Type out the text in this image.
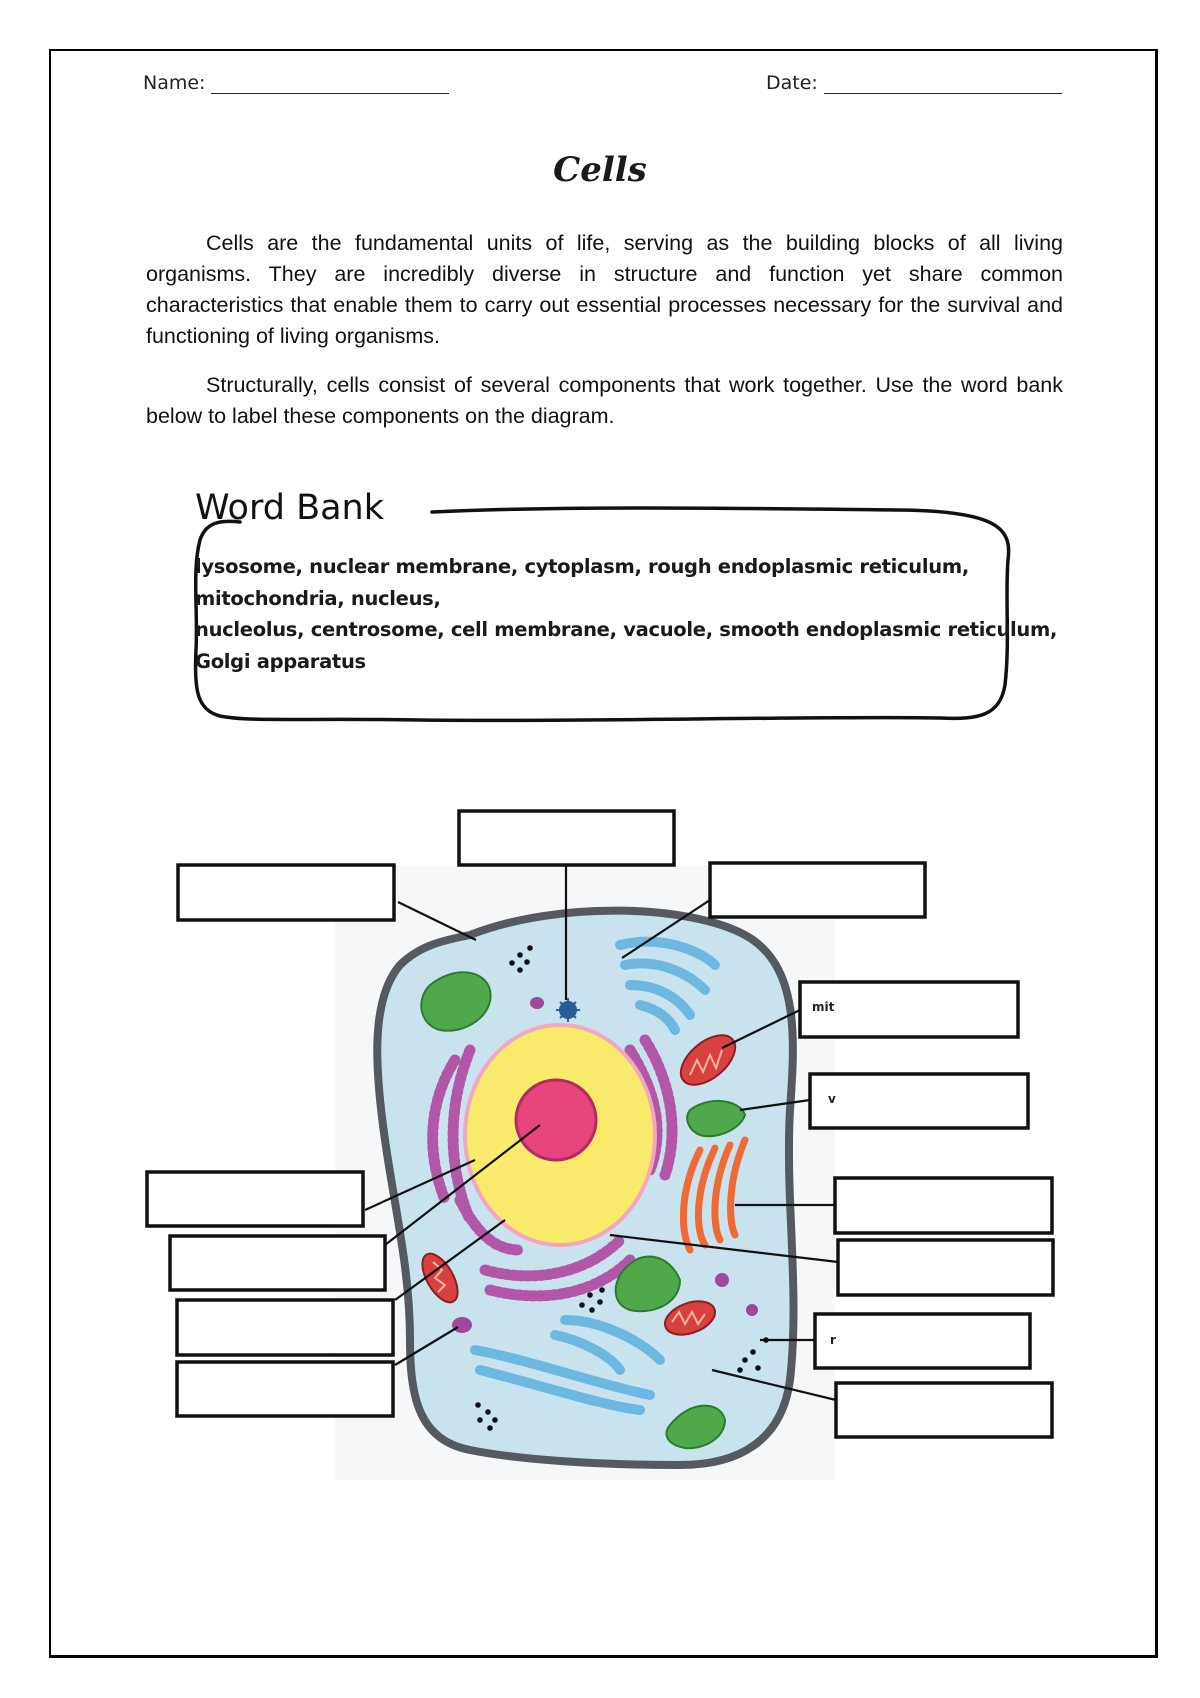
Name:	Date:
Cells

Cells are the fundamental units of life, serving as the building blocks of all living organisms. They are incredibly diverse in structure and function yet share common characteristics that enable them to carry out essential processes necessary for the survival and functioning of living organisms.

Structurally, cells consist of several components that work together. Use the word bank below to label these components on the diagram.

Word Bank
lysosome, nuclear membrane, cytoplasm, rough endoplasmic reticulum,
mitochondria, nucleus,
nucleolus, centrosome, cell membrane, vacuole, smooth endoplasmic reticulum,
Golgi apparatus
mit
v
r
